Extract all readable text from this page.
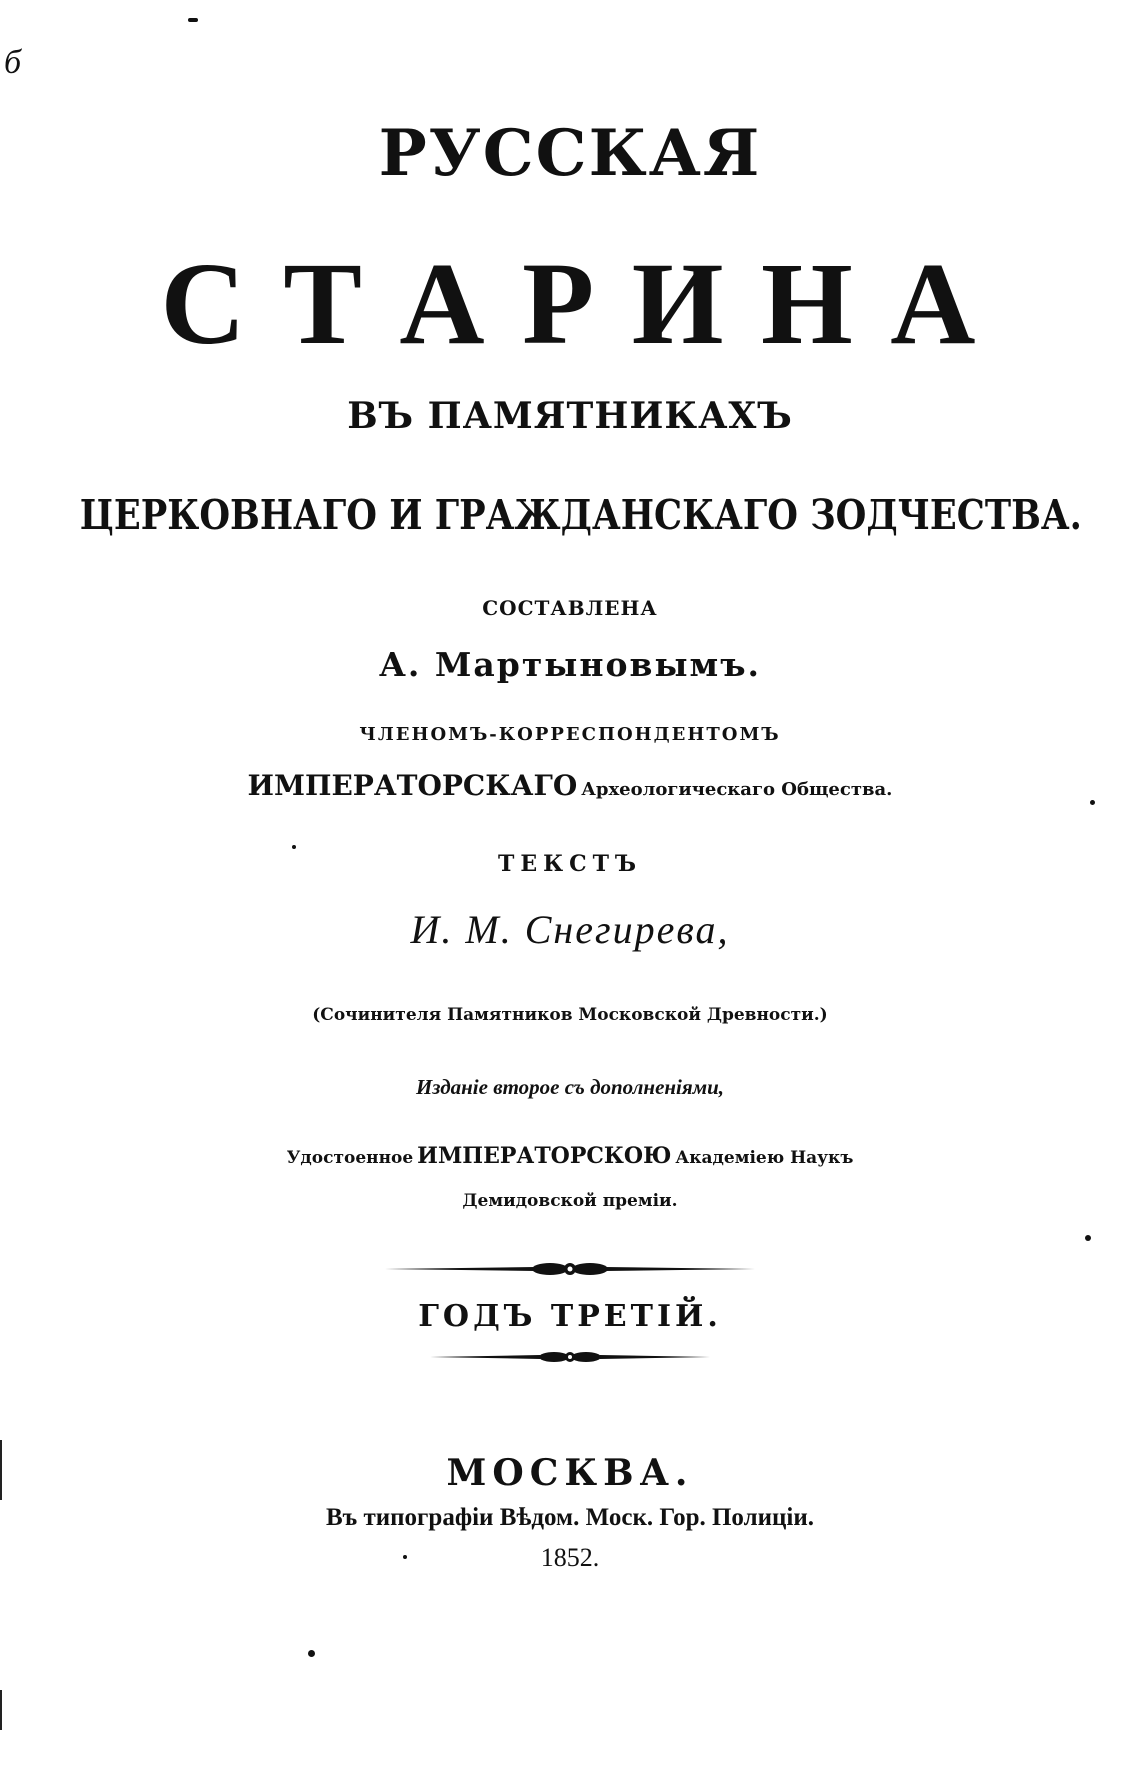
б
РУССКАЯ
С Т А Р И Н А
ВЪ ПАМЯТНИКАХЪ
ЦЕРКОВНАГО И ГРАЖДАНСКАГО ЗОДЧЕСТВА.
СОСТАВЛЕНА
А. Мартыновымъ.
ЧЛЕНОМЪ-КОРРЕСПОНДЕНТОМЪ
ИМПЕРАТОРСКАГО Археологическаго Общества.
ТЕКСТЪ
И. М. Снегирева,
(Сочинителя Памятников Московской Древности.)
Изданіе второе съ дополненіями,
Удостоенное ИМПЕРАТОРСКОЮ Академіею Наукъ
Демидовской преміи.
ГОДЪ ТРЕТІЙ.
МОСКВА.
Въ типографіи Вѣдом. Моск. Гор. Полиціи.
1852.
